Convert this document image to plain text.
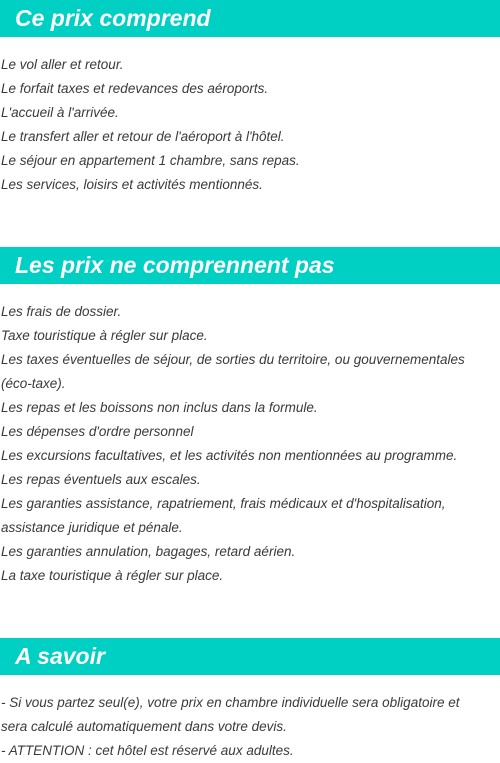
Ce prix comprend

Le vol aller et retour.

Le forfait taxes et redevances des aéroports.

L'accueil à l'arrivée.

Le transfert aller et retour de l'aéroport à l'hôtel.

Le séjour en appartement 1 chambre, sans repas.

Les services, loisirs et activités mentionnés.

Les prix ne comprennent pas

Les frais de dossier.

Taxe touristique à régler sur place.

Les taxes éventuelles de séjour, de sorties du territoire, ou gouvernementales

(éco-taxe).

Les repas et les boissons non inclus dans la formule.

Les dépenses d'ordre personnel

Les excursions facultatives, et les activités non mentionnées au programme.

Les repas éventuels aux escales.

Les garanties assistance, rapatriement, frais médicaux et d'hospitalisation,

assistance juridique et pénale.

Les garanties annulation, bagages, retard aérien.

La taxe touristique à régler sur place.

A savoir

- Si vous partez seul(e), votre prix en chambre individuelle sera obligatoire et

sera calculé automatiquement dans votre devis.

- ATTENTION : cet hôtel est réservé aux adultes.
